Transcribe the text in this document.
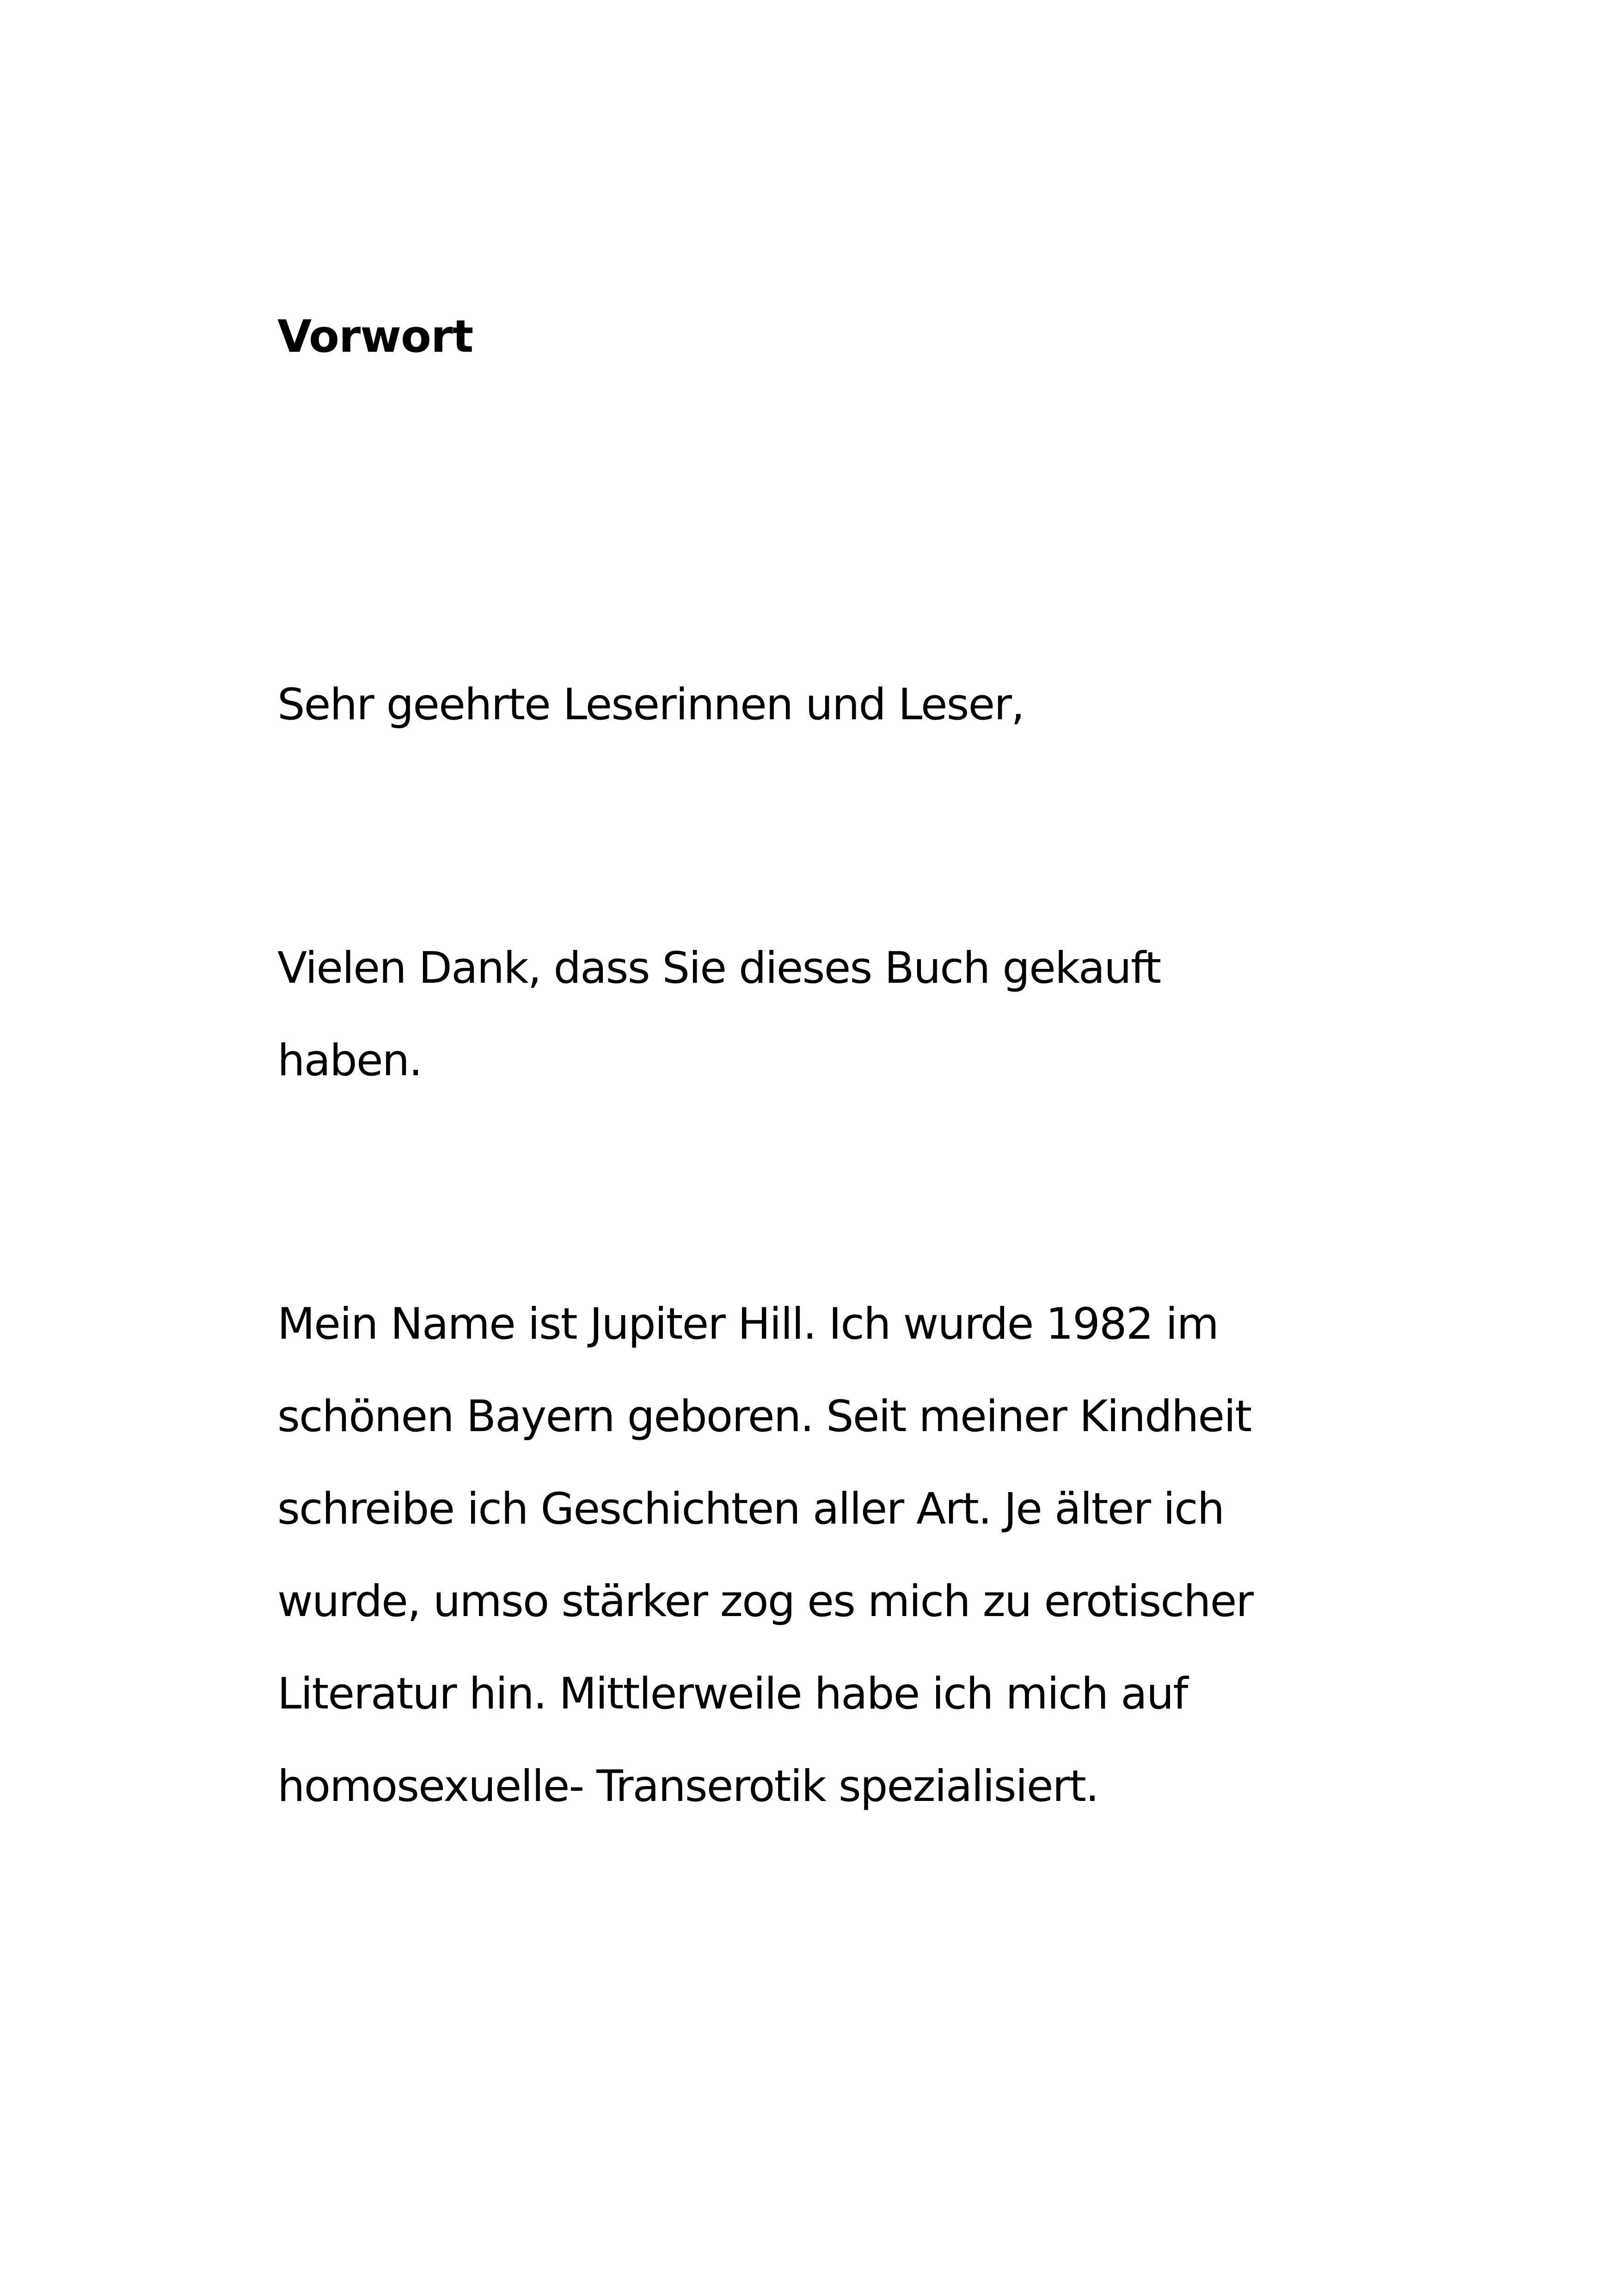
Vorwort

Sehr geehrte Leserinnen und Leser,

Vielen Dank, dass Sie dieses Buch gekauft
haben.

Mein Name ist Jupiter Hill. Ich wurde 1982 im
schönen Bayern geboren. Seit meiner Kindheit
schreibe ich Geschichten aller Art. Je älter ich
wurde, umso stärker zog es mich zu erotischer
Literatur hin. Mittlerweile habe ich mich auf
homosexuelle- Transerotik spezialisiert.
